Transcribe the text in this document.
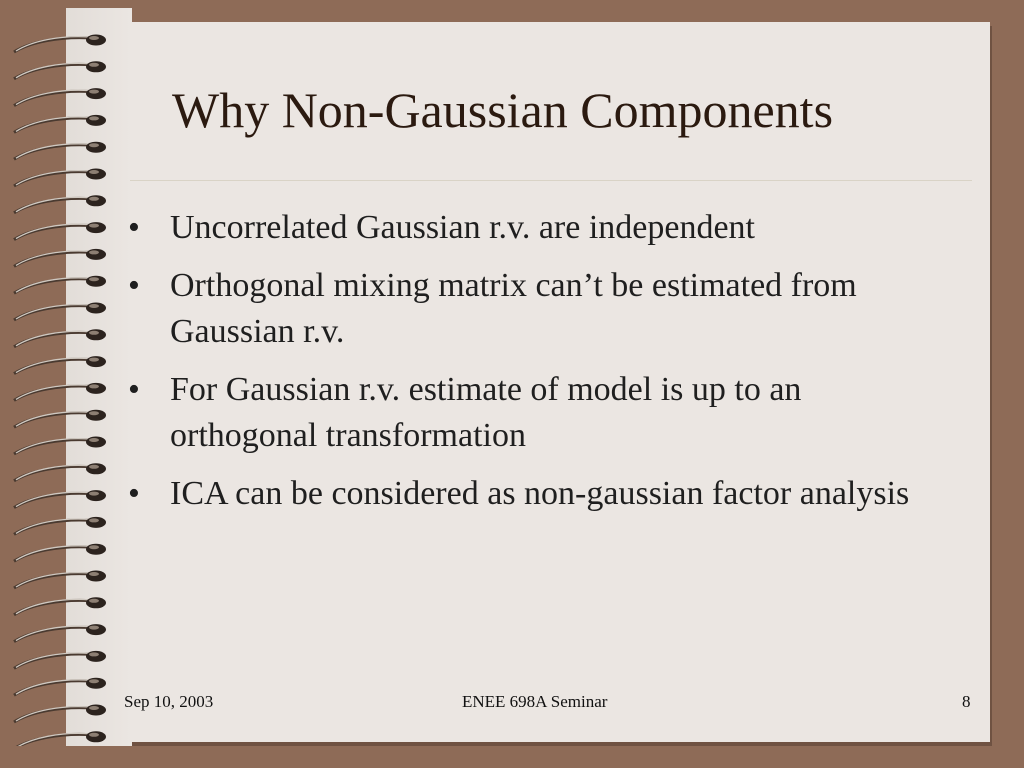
Why Non-Gaussian Components
• Uncorrelated Gaussian r.v. are independent
• Orthogonal mixing matrix can’t be estimated from Gaussian r.v.
• For Gaussian r.v. estimate of model is up to an orthogonal transformation
• ICA can be considered as non-gaussian factor analysis
Sep 10, 2003	ENEE 698A Seminar	8
